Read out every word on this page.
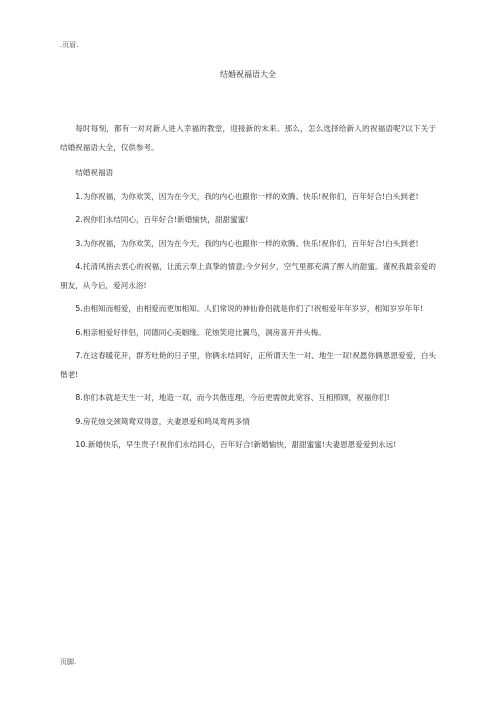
.页眉.
结婚祝福语大全

每时每刻，都有一对对新人进入幸福的教堂，迎接新的未来。那么，怎么选择给新人的祝福语呢?以下关于结婚祝福语大全，仅供参考。

结婚祝福语

1.为你祝福，为你欢笑，因为在今天，我的内心也跟你一样的欢腾、快乐!祝你们，百年好合!白头到老!

2.祝你们永结同心，百年好合!新婚愉快，甜甜蜜蜜!

3.为你祝福，为你欢笑，因为在今天，我的内心也跟你一样的欢腾、快乐!祝你们，百年好合!白头到老!

4.托清风捎去衷心的祝福，让流云奉上真挚的情意;今夕何夕，空气里都充满了醉人的甜蜜。谨祝我最亲爱的朋友，从今后，爱河永浴!

5.由相知而相爱，由相爱而更加相知。人们常说的神仙眷侣就是你们了!祝相爱年年岁岁，相知岁岁年年!

6.相亲相爱好伴侣，同德同心美姻缘。花烛笑迎比翼鸟，洞房喜开并头梅。

7.在这春暖花开，群芳吐艳的日子里，你俩永结同好，正所谓天生一对、地生一双!祝愿你俩恩恩爱爱，白头偕老!

8.你们本就是天生一对，地造一双，而今共偕连理，今后更需彼此宽容、互相照顾，祝福你们!

9.房花烛交颈鸳鸯双得意，夫妻恩爱和鸣凤鸾两多情

10.新婚快乐，早生贵子!祝你们永结同心，百年好合!新婚愉快，甜甜蜜蜜!夫妻恩恩爱爱到永远!

页脚.
